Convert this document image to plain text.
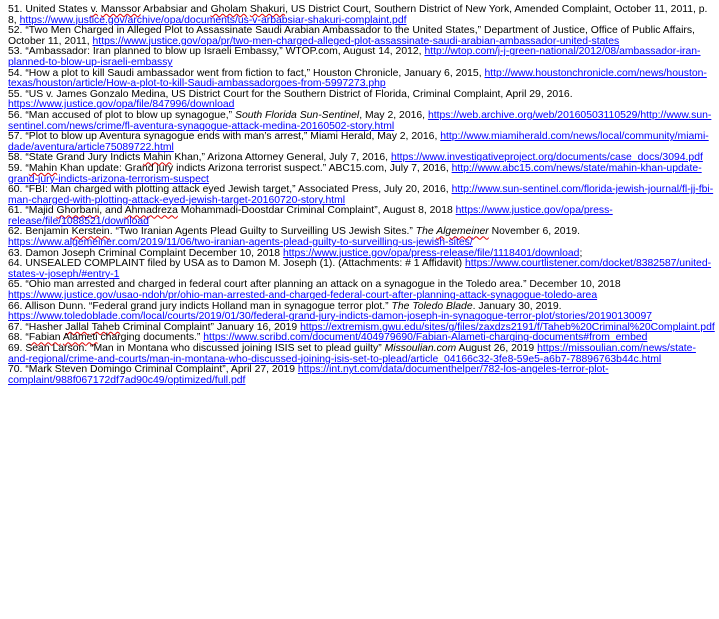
51. United States v. Manssor Arbabsiar and Gholam Shakuri, US District Court, Southern District of New York, Amended Complaint, October 11, 2011, p. 8, https://www.justice.gov/archive/opa/documents/us-v-arbabsiar-shakuri-complaint.pdf

52. “Two Men Charged in Alleged Plot to Assassinate Saudi Arabian Ambassador to the United States,” Department of Justice, Office of Public Affairs, October 11, 2011, https://www.justice.gov/opa/pr/two-men-charged-alleged-plot-assassinate-saudi-arabian-ambassador-united-states

53. “Ambassador: Iran planned to blow up Israeli Embassy,” WTOP.com, August 14, 2012, http://wtop.com/j-j-green-national/2012/08/ambassador-iran-planned-to-blow-up-israeli-embassy

54. “How a plot to kill Saudi ambassador went from fiction to fact,” Houston Chronicle, January 6, 2015, http://www.houstonchronicle.com/news/houston-texas/houston/article/How-a-plot-to-kill-Saudi-ambassadorgoes-from-5997273.php

55. “US v. James Gonzalo Medina, US District Court for the Southern District of Florida, Criminal Complaint, April 29, 2016. https://www.justice.gov/opa/file/847996/download

56. “Man accused of plot to blow up synagogue,” South Florida Sun-Sentinel, May 2, 2016, https://web.archive.org/web/20160503110529/http://www.sun-sentinel.com/news/crime/fl-aventura-synagogue-attack-medina-20160502-story.html

57. “Plot to blow up Aventura synagogue ends with man’s arrest,” Miami Herald, May 2, 2016, http://www.miamiherald.com/news/local/community/miami-dade/aventura/article75089722.html

58. “State Grand Jury Indicts Mahin Khan,” Arizona Attorney General, July 7, 2016, https://www.investigativeproject.org/documents/case_docs/3094.pdf

59. “Mahin Khan update: Grand jury indicts Arizona terrorist suspect.” ABC15.com, July 7, 2016, http://www.abc15.com/news/state/mahin-khan-update-grand-jury-indicts-arizona-terrorism-suspect

60. “FBI: Man charged with plotting attack eyed Jewish target,” Associated Press, July 20, 2016, http://www.sun-sentinel.com/florida-jewish-journal/fl-jj-fbi-man-charged-with-plotting-attack-eyed-jewish-target-20160720-story.html

61. “Majid Ghorbani, and Ahmadreza Mohammadi-Doostdar Criminal Complaint”, August 8, 2018 https://www.justice.gov/opa/press-release/file/1088521/download

62. Benjamin Kerstein. “Two Iranian Agents Plead Guilty to Surveilling US Jewish Sites.” The Algemeiner November 6, 2019. https://www.algemeiner.com/2019/11/06/two-iranian-agents-plead-guilty-to-surveilling-us-jewish-sites/

63. Damon Joseph Criminal Complaint December 10, 2018 https://www.justice.gov/opa/press-release/file/1118401/download;

64. UNSEALED COMPLAINT filed by USA as to Damon M. Joseph (1). (Attachments: # 1 Affidavit) https://www.courtlistener.com/docket/8382587/united-states-v-joseph/#entry-1

65. “Ohio man arrested and charged in federal court after planning an attack on a synagogue in the Toledo area.” December 10, 2018 https://www.justice.gov/usao-ndoh/pr/ohio-man-arrested-and-charged-federal-court-after-planning-attack-synagogue-toledo-area

66. Allison Dunn. “Federal grand jury indicts Holland man in synagogue terror plot.” The Toledo Blade. January 30, 2019. https://www.toledoblade.com/local/courts/2019/01/30/federal-grand-jury-indicts-damon-joseph-in-synagogue-terror-plot/stories/20190130097

67. “Hasher Jallal Taheb Criminal Complaint” January 16, 2019 https://extremism.gwu.edu/sites/g/files/zaxdzs2191/f/Taheb%20Criminal%20Complaint.pdf

68. “Fabian Alameti charging documents.” https://www.scribd.com/document/404979690/Fabian-Alameti-charging-documents#from_embed

69. Sean Larson. “Man in Montana who discussed joining ISIS set to plead guilty” Missoulian.com August 26, 2019 https://missoulian.com/news/state-and-regional/crime-and-courts/man-in-montana-who-discussed-joining-isis-set-to-plead/article_04166c32-3fe8-59e5-a6b7-78896763b44c.html

70. “Mark Steven Domingo Criminal Complaint”, April 27, 2019 https://int.nyt.com/data/documenthelper/782-los-angeles-terror-plot-complaint/988f067172df7ad90c49/optimized/full.pdf
